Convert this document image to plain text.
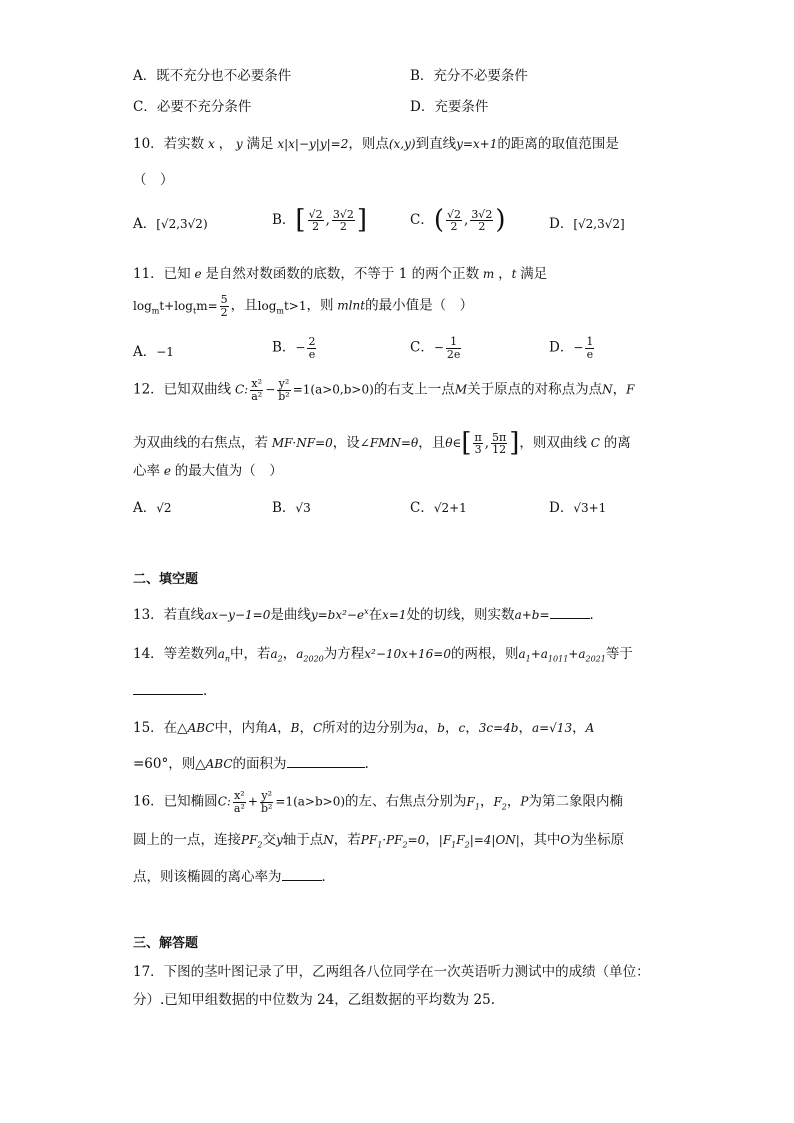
A．既不充分也不必要条件	B．充分不必要条件
C．必要不充分条件	D．充要条件
10．若实数 x ， y 满足 x|x|−y|y|=2，则点(x,y)到直线y=x+1的距离的取值范围是
（　）
A．[√2,3√2)	B．[ $\frac{√2}{2}$ , $\frac{3√2}{2}$ ]	C．( $\frac{√2}{2}$ , $\frac{3√2}{2}$ )	D．[√2,3√2]
11．已知 e 是自然对数函数的底数，不等于 1 的两个正数 m ，t 满足
$\log_mt+\log_tm= \frac{5}{2}$ ，且$\log_mt>1$，则 mlnt的最小值是（　）
A．−1	B．− $\frac{2}{e}$	C．− $\frac{1}{2e}$	D．− $\frac{1}{e}$
12．已知双曲线 C: $\frac{\text{x²}}{\text{a²}} - \frac{\text{y²}}{\text{b²}} =1(a>0,b>0)$的右支上一点M关于原点的对称点为点N，F
为双曲线的右焦点，若 MF·NF=0，设∠FMN=θ，且θ∈[ $\frac{\pi}{3}$ , $\frac{5\pi}{12}$ ]，则双曲线 C 的离
心率 e 的最大值为（　）
A．√2	B．√3	C．√2+1	D．√3+1
二、填空题
13．若直线ax−y−1=0是曲线$y=bx^2-e^x$在x=1处的切线，则实数a+b=	．
14．等差数列$a_n$中，若$a_2$，$a_{2020}$为方程x²−10x+16=0的两根，则$a_1+a_{1011}+a_{2021}$等于
．
15．在△ABC中，内角A，B，C所对的边分别为a，b，c，3c=4b，a=√13，A
=60°，则△ABC的面积为	.
16．已知椭圆C: $\frac{\text{x²}}{\text{a²}} + \frac{\text{y²}}{\text{b²}} =1(a>b>0)$的左、右焦点分别为$F_1$，$F_2$，P为第二象限内椭
圆上的一点，连接$PF_2$交y轴于点N，若$PF_1\cdot PF_2=0$，$|F_1F_2|=4|ON|$，其中O为坐标原
点，则该椭圆的离心率为	．
三、解答题
17．下图的茎叶图记录了甲，乙两组各八位同学在一次英语听力测试中的成绩（单位：
分）.已知甲组数据的中位数为 24，乙组数据的平均数为 25.
